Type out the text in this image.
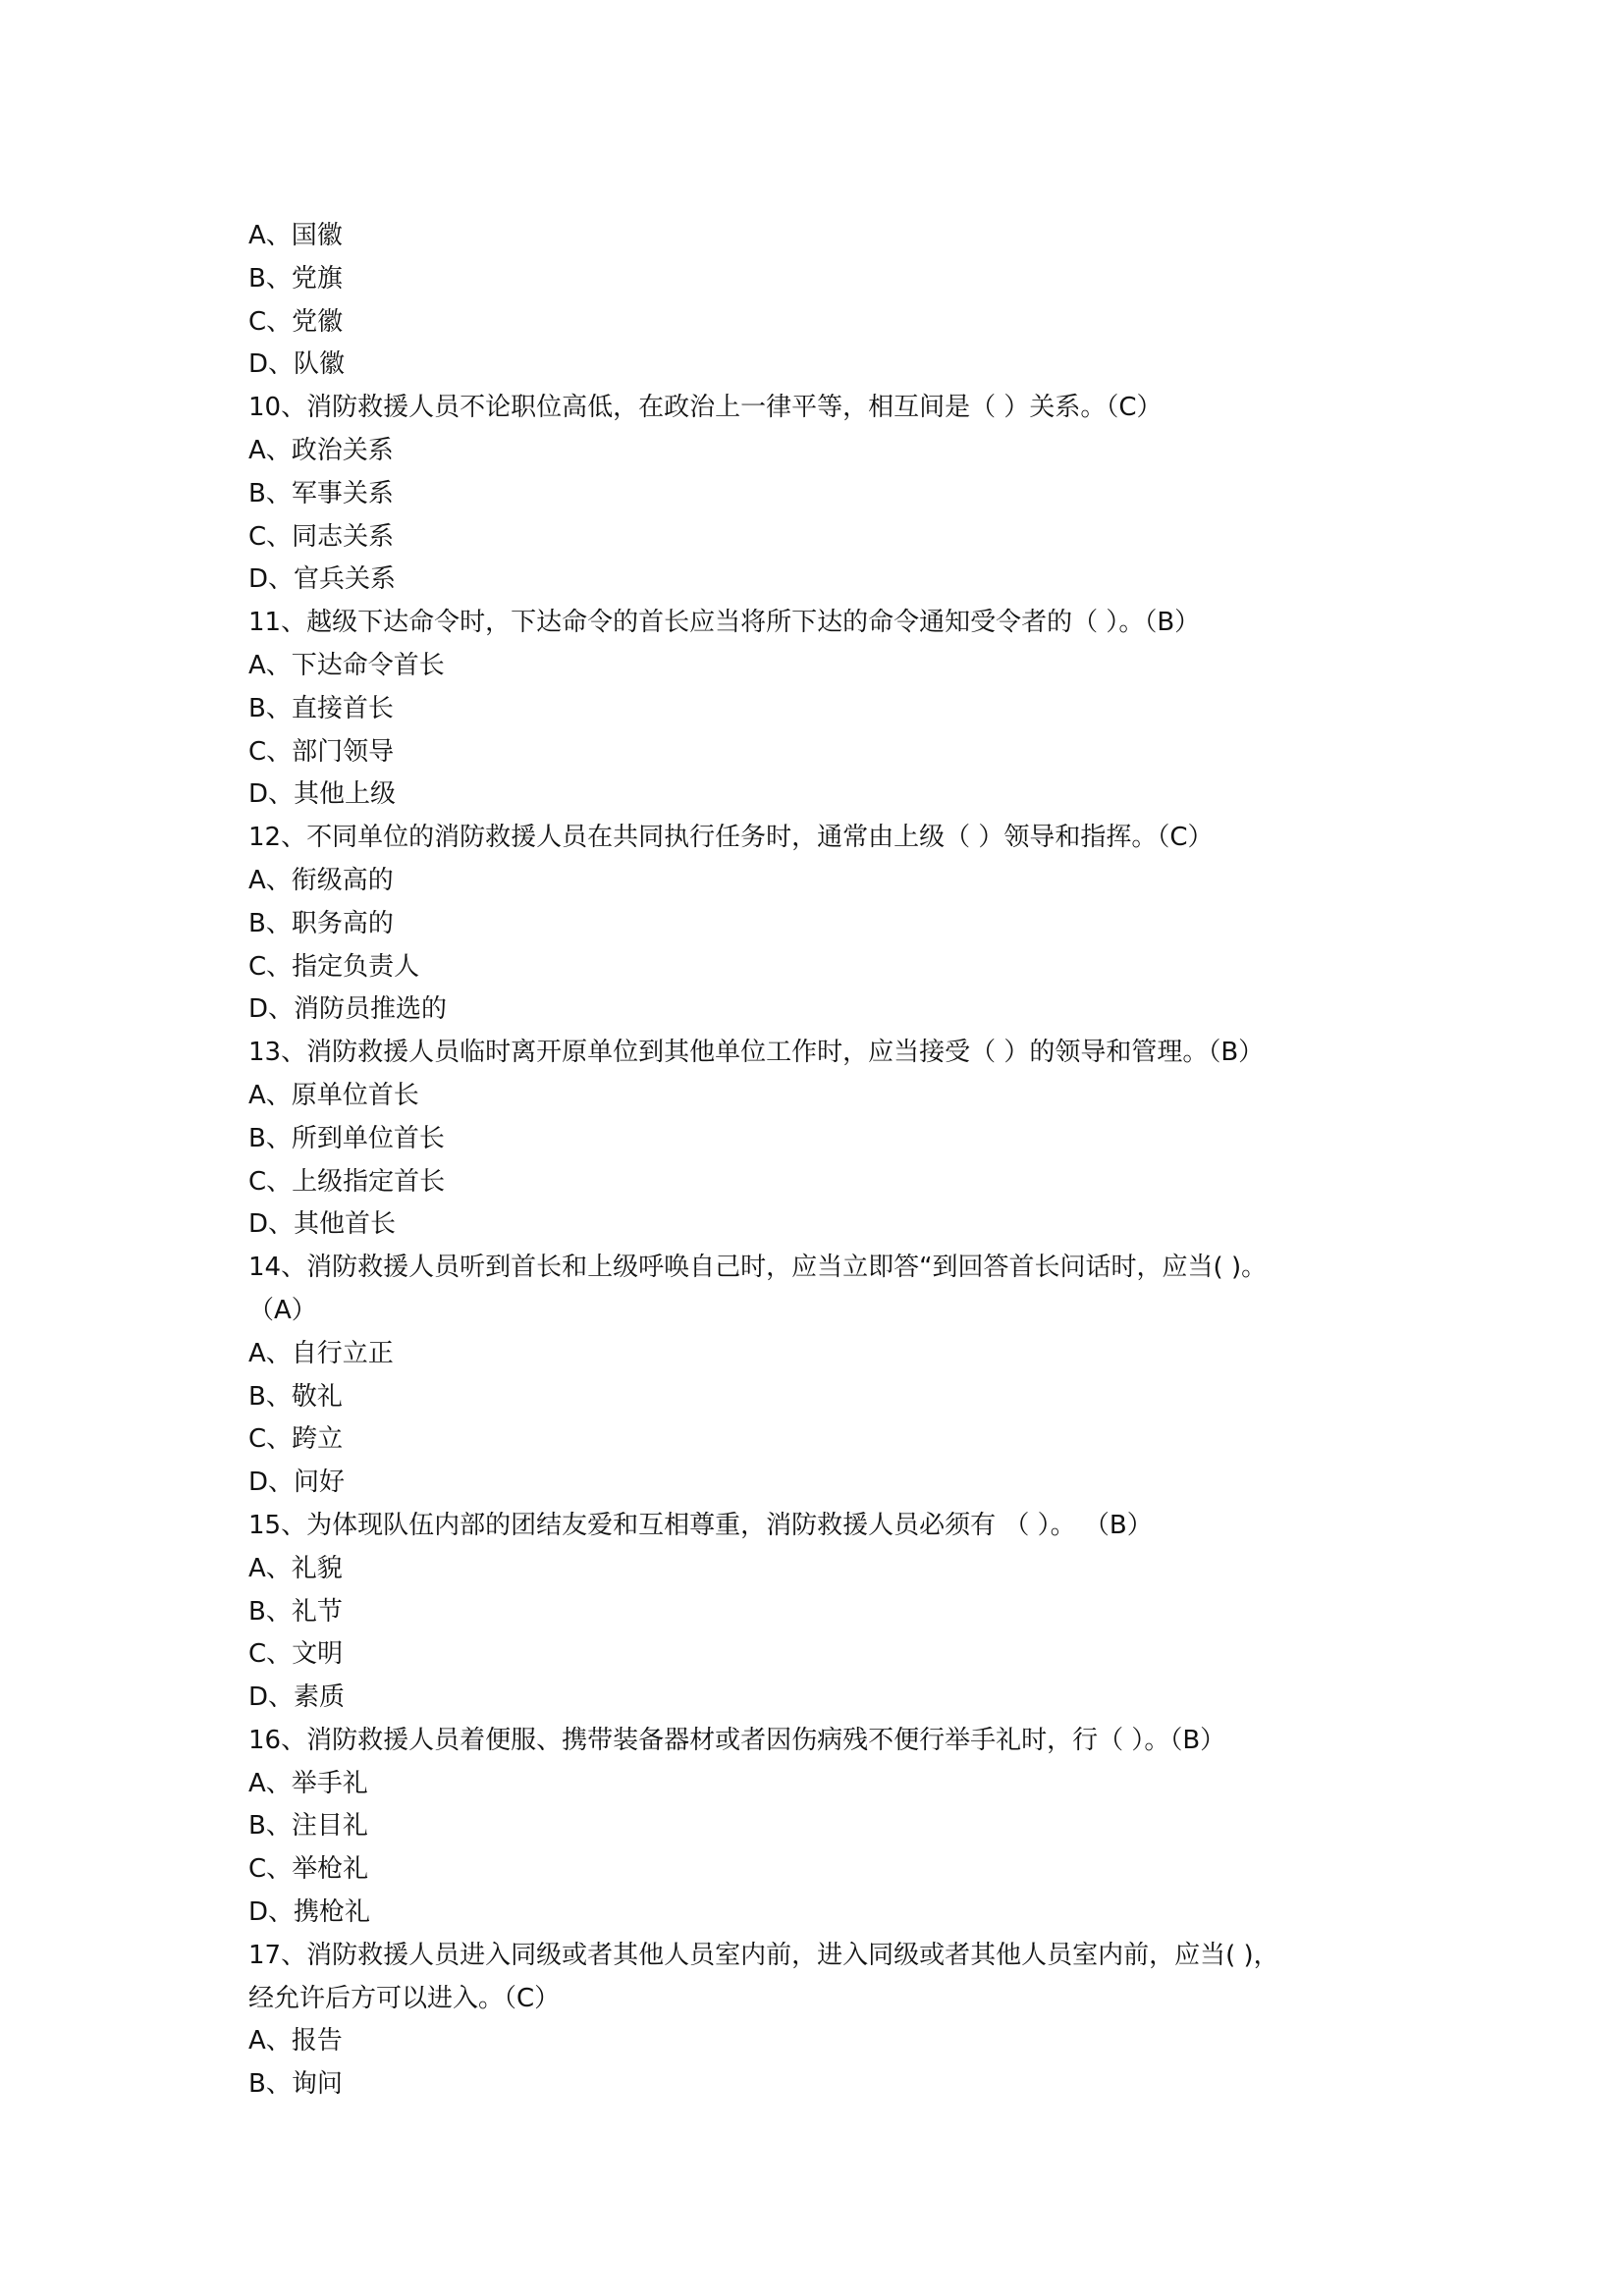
A、国徽
B、党旗
C、党徽
D、队徽
10、消防救援人员不论职位高低，在政治上一律平等，相互间是（ ）关系。（C）
A、政治关系
B、军事关系
C、同志关系
D、官兵关系
11、越级下达命令时，下达命令的首长应当将所下达的命令通知受令者的（ ）。（B）
A、下达命令首长
B、直接首长
C、部门领导
D、其他上级
12、不同单位的消防救援人员在共同执行任务时，通常由上级（ ）领导和指挥。（C）
A、衔级高的
B、职务高的
C、指定负责人
D、消防员推选的
13、消防救援人员临时离开原单位到其他单位工作时，应当接受（ ）的领导和管理。（B）
A、原单位首长
B、所到单位首长
C、上级指定首长
D、其他首长
14、消防救援人员听到首长和上级呼唤自己时，应当立即答“到回答首长问话时，应当( )。
（A）
A、自行立正
B、敬礼
C、跨立
D、问好
15、为体现队伍内部的团结友爱和互相尊重，消防救援人员必须有 （ ）。 （B）
A、礼貌
B、礼节
C、文明
D、素质
16、消防救援人员着便服、携带装备器材或者因伤病残不便行举手礼时，行（ ）。（B）
A、举手礼
B、注目礼
C、举枪礼
D、携枪礼
17、消防救援人员进入同级或者其他人员室内前，进入同级或者其他人员室内前，应当( )，
经允许后方可以进入。（C）
A、报告
B、询问
